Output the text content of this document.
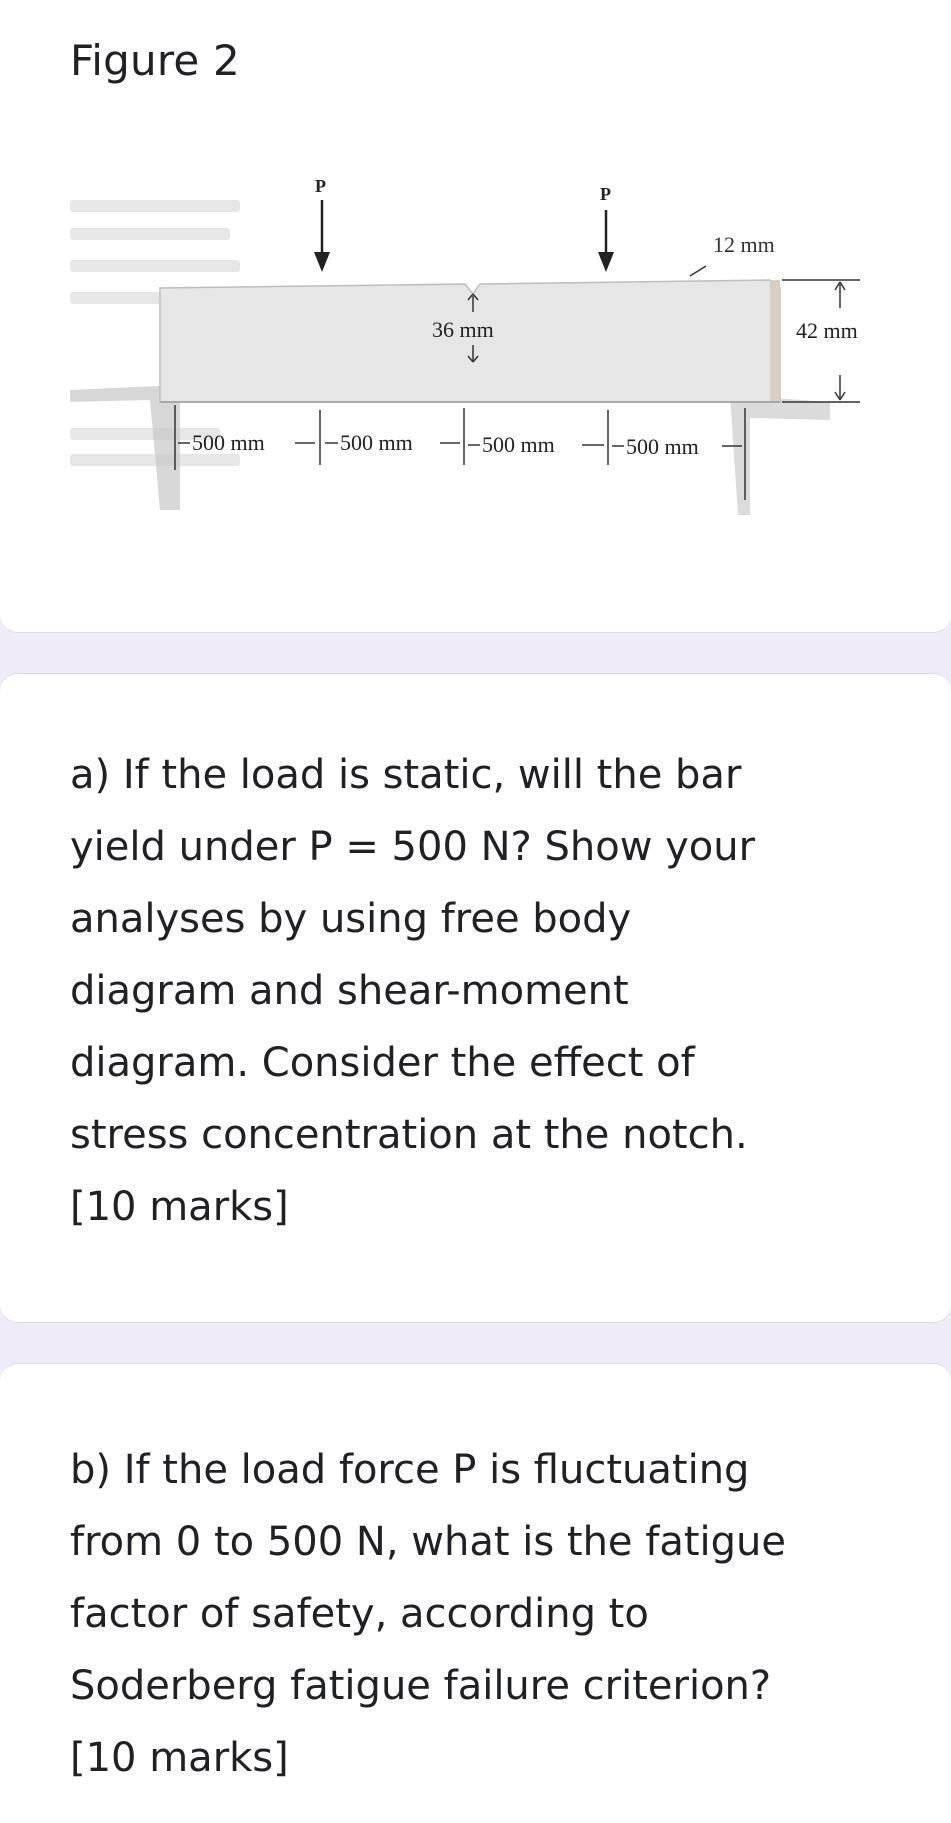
Figure 2
P	P
12 mm
36 mm	42 mm
500 mm	500 mm	500 mm	500 mm

a) If the load is static, will the bar
yield under P = 500 N? Show your
analyses by using free body
diagram and shear-moment
diagram. Consider the effect of
stress concentration at the notch.
[10 marks]

b) If the load force P is fluctuating
from 0 to 500 N, what is the fatigue
factor of safety, according to
Soderberg fatigue failure criterion?
[10 marks]
